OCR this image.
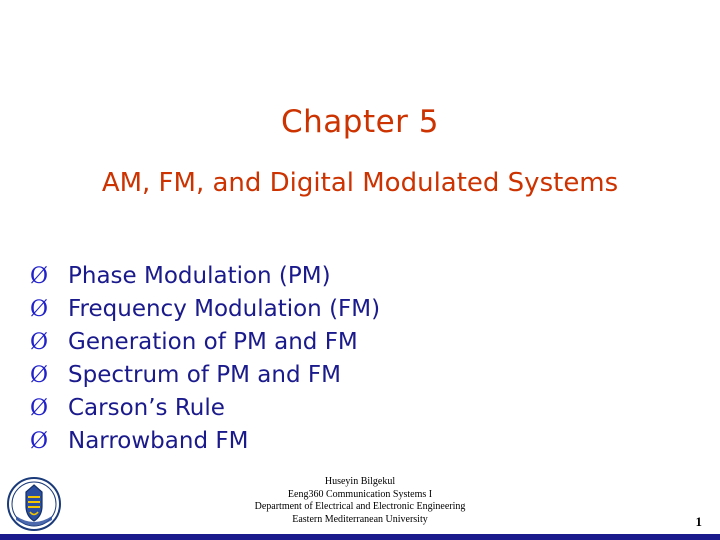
Chapter 5
AM, FM, and Digital Modulated Systems
Ø Phase Modulation (PM)
Ø Frequency Modulation (FM)
Ø Generation of PM and FM
Ø Spectrum of PM and FM
Ø Carson’s Rule
Ø Narrowband FM
Huseyin Bilgekul
Eeng360 Communication Systems I
Department of Electrical and Electronic Engineering
Eastern Mediterranean University	1
